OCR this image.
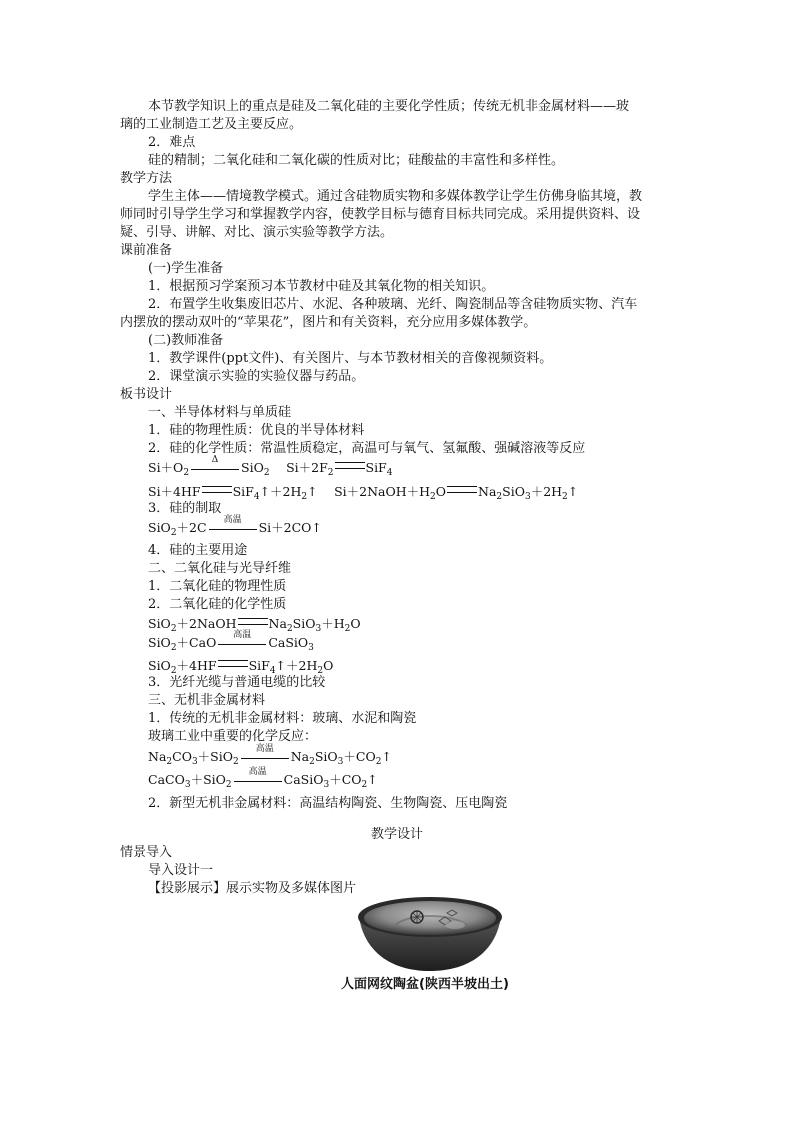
本节教学知识上的重点是硅及二氧化硅的主要化学性质；传统无机非金属材料——玻
璃的工业制造工艺及主要反应。
2．难点
硅的精制；二氧化硅和二氧化碳的性质对比；硅酸盐的丰富性和多样性。
教学方法
学生主体——情境教学模式。通过含硅物质实物和多媒体教学让学生仿佛身临其境，教
师同时引导学生学习和掌握教学内容，使教学目标与德育目标共同完成。采用提供资料、设
疑、引导、讲解、对比、演示实验等教学方法。
课前准备
(一)学生准备
1．根据预习学案预习本节教材中硅及其氧化物的相关知识。
2．布置学生收集废旧芯片、水泥、各种玻璃、光纤、陶瓷制品等含硅物质实物、汽车
内摆放的摆动双叶的“苹果花”，图片和有关资料，充分应用多媒体教学。
(二)教师准备
1．教学课件(ppt文件)、有关图片、与本节教材相关的音像视频资料。
2．课堂演示实验的实验仪器与药品。
板书设计
一、半导体材料与单质硅
1．硅的物理性质：优良的半导体材料
2．硅的化学性质：常温性质稳定，高温可与氧气、氢氟酸、强碱溶液等反应
$Si+O_2$
Δ	SiO$_2$　 $Si+2F_2$	SiF$_4$
Si＋4HF	$SiF_4↑+2H_2↑$　 $Si+2NaOH+H_2O$	$Na_2SiO_3+2H_2↑$
3．硅的制取
SiO$_2$＋2C	高温	Si＋2CO↑
4．硅的主要用途
二、二氧化硅与光导纤维
1．二氧化硅的物理性质
2．二氧化硅的化学性质
SiO$_2$＋2NaOH	$Na_2SiO_3+H_2O$
SiO$_2$＋CaO	高温	CaSiO$_3$
SiO$_2$＋4HF	$SiF_4↑+2H_2O$
3．光纤光缆与普通电缆的比较
三、无机非金属材料
1．传统的无机非金属材料：玻璃、水泥和陶瓷
玻璃工业中重要的化学反应：
$Na_2CO_3+SiO_2$
高温	$Na_2SiO_3+CO_2↑$
CaCO$_3$＋SiO$_2$
高温	$CaSiO_3+CO_2↑$
2．新型无机非金属材料：高温结构陶瓷、生物陶瓷、压电陶瓷
教学设计
情景导入
导入设计一
【投影展示】展示实物及多媒体图片
人面网纹陶盆(陕西半坡出土)
